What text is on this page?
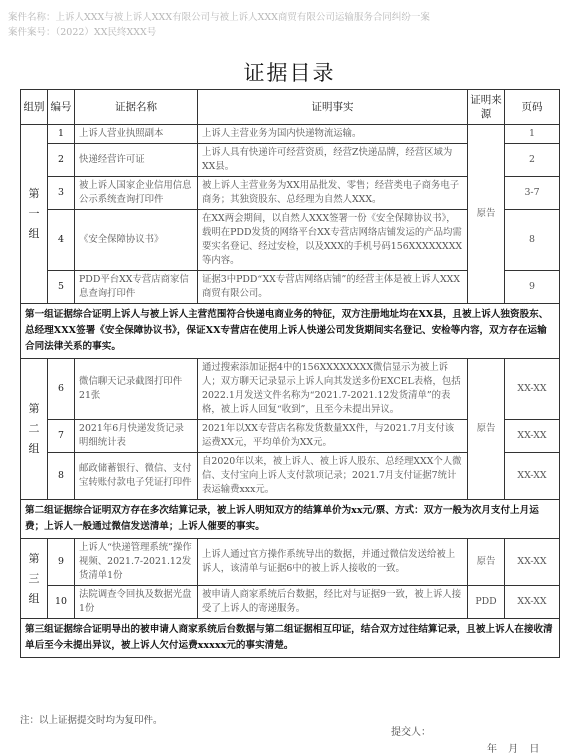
案件名称：上诉人XXX与被上诉人XXX有限公司与被上诉人XXX商贸有限公司运输服务合同纠纷一案
案件案号：（2022）XX民终XXX号
证据目录
组别	编号	证据名称	证明事实	证明来源	页码

第
一
组	1	上诉人营业执照副本	上诉人主营业务为国内快递物流运输。	原告	1
	2	快递经营许可证	上诉人具有快递许可经营资质，经营Z快递品牌，经营区域为XX县。		2
	3	被上诉人国家企业信用信息公示系统查询打印件	被上诉人主营业务为XX用品批发、零售；经营类电子商务电子商务；其独资股东、总经理为自然人XXX。		3-7
	4	《安全保障协议书》	在XX两会期间，以自然人XXX签署一份《安全保障协议书》，载明在PDD发货的网络平台XX专营店网络店铺发运的产品均需要实名登记、经过安检，以及XXX的手机号码156XXXXXXXX等内容。		8
	5	PDD平台XX专营店商家信息查询打印件	证据3中PDD“XX专营店网络店铺”的经营主体是被上诉人XXX商贸有限公司。		9
第一组证据综合证明上诉人与被上诉人主营范围符合快递电商业务的特征，双方注册地址均在XX县，且被上诉人独资股东、总经理XXX签署《安全保障协议书》，保证XX专营店在使用上诉人快递公司发货期间实名登记、安检等内容，双方存在运输合同法律关系的事实。					

第
二
组	6	微信聊天记录截图打印件21张	通过搜索添加证据4中的156XXXXXXXX微信显示为被上诉人；双方聊天记录显示上诉人向其发送多份EXCEL表格，包括2022.1月发送文件名称为“2021.7-2021.12发货清单”的表格，被上诉人回复“收到”，且至今未提出异议。	原告	XX-XX
	7	2021年6月快递发货记录明细统计表	2021年以XX专营店名称发货数量XX件，与2021.7月支付该运费XX元，平均单价为XX元。		XX-XX
	8	邮政储蓄银行、微信、支付宝转账付款电子凭证打印件	自2020年以来，被上诉人、被上诉人股东、总经理XXX个人微信、支付宝向上诉人支付款项记录；2021.7月支付证据7统计表运输费xxx元。		XX-XX
第二组证据综合证明双方存在多次结算记录，被上诉人明知双方的结算单价为xx元/票、方式：双方一般为次月支付上月运费；上诉人一般通过微信发送清单；上诉人催要的事实。					

第
三
组	9	上诉人“快递管理系统”操作视频、2021.7-2021.12发货清单1份	上诉人通过官方操作系统导出的数据，并通过微信发送给被上诉人，该清单与证据6中的被上诉人接收的一致。	原告	XX-XX
	10	法院调查令回执及数据光盘1份	被申请人商家系统后台数据，经比对与证据9一致，被上诉人接受了上诉人的寄递服务。	PDD	XX-XX
第三组证据综合证明导出的被申请人商家系统后台数据与第二组证据相互印证，结合双方过往结算记录，且被上诉人在接收清单后至今未提出异议，被上诉人欠付运费xxxxx元的事实清楚。					
注：以上证据提交时均为复印件。
提交人：
年 月 日
